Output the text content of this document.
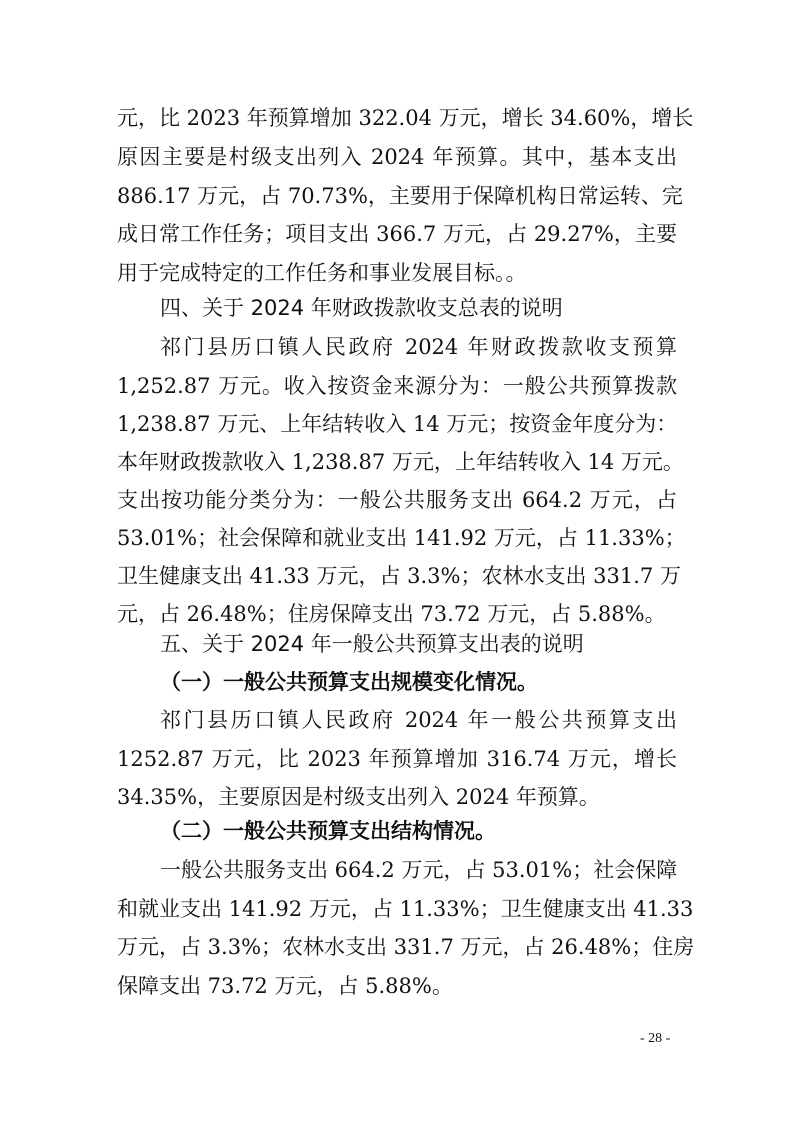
元，比 2023 年预算增加 322.04 万元，增长 34.60%，增长
原因主要是村级支出列入 2024 年预算。其中，基本支出
886.17 万元，占 70.73%，主要用于保障机构日常运转、完
成日常工作任务；项目支出 366.7 万元，占 29.27%，主要
用于完成特定的工作任务和事业发展目标。。
四、关于 2024 年财政拨款收支总表的说明
祁门县历口镇人民政府 2024 年财政拨款收支预算
1,252.87 万元。收入按资金来源分为：一般公共预算拨款
1,238.87 万元、上年结转收入 14 万元；按资金年度分为：
本年财政拨款收入 1,238.87 万元，上年结转收入 14 万元。
支出按功能分类分为：一般公共服务支出 664.2 万元，占
53.01%；社会保障和就业支出 141.92 万元，占 11.33%；
卫生健康支出 41.33 万元，占 3.3%；农林水支出 331.7 万
元，占 26.48%；住房保障支出 73.72 万元，占 5.88%。
五、关于 2024 年一般公共预算支出表的说明
（一）一般公共预算支出规模变化情况。
祁门县历口镇人民政府 2024 年一般公共预算支出
1252.87 万元，比 2023 年预算增加 316.74 万元，增长
34.35%，主要原因是村级支出列入 2024 年预算。
（二）一般公共预算支出结构情况。
一般公共服务支出 664.2 万元，占 53.01%；社会保障
和就业支出 141.92 万元，占 11.33%；卫生健康支出 41.33
万元，占 3.3%；农林水支出 331.7 万元，占 26.48%；住房
保障支出 73.72 万元，占 5.88%。
- 28 -
